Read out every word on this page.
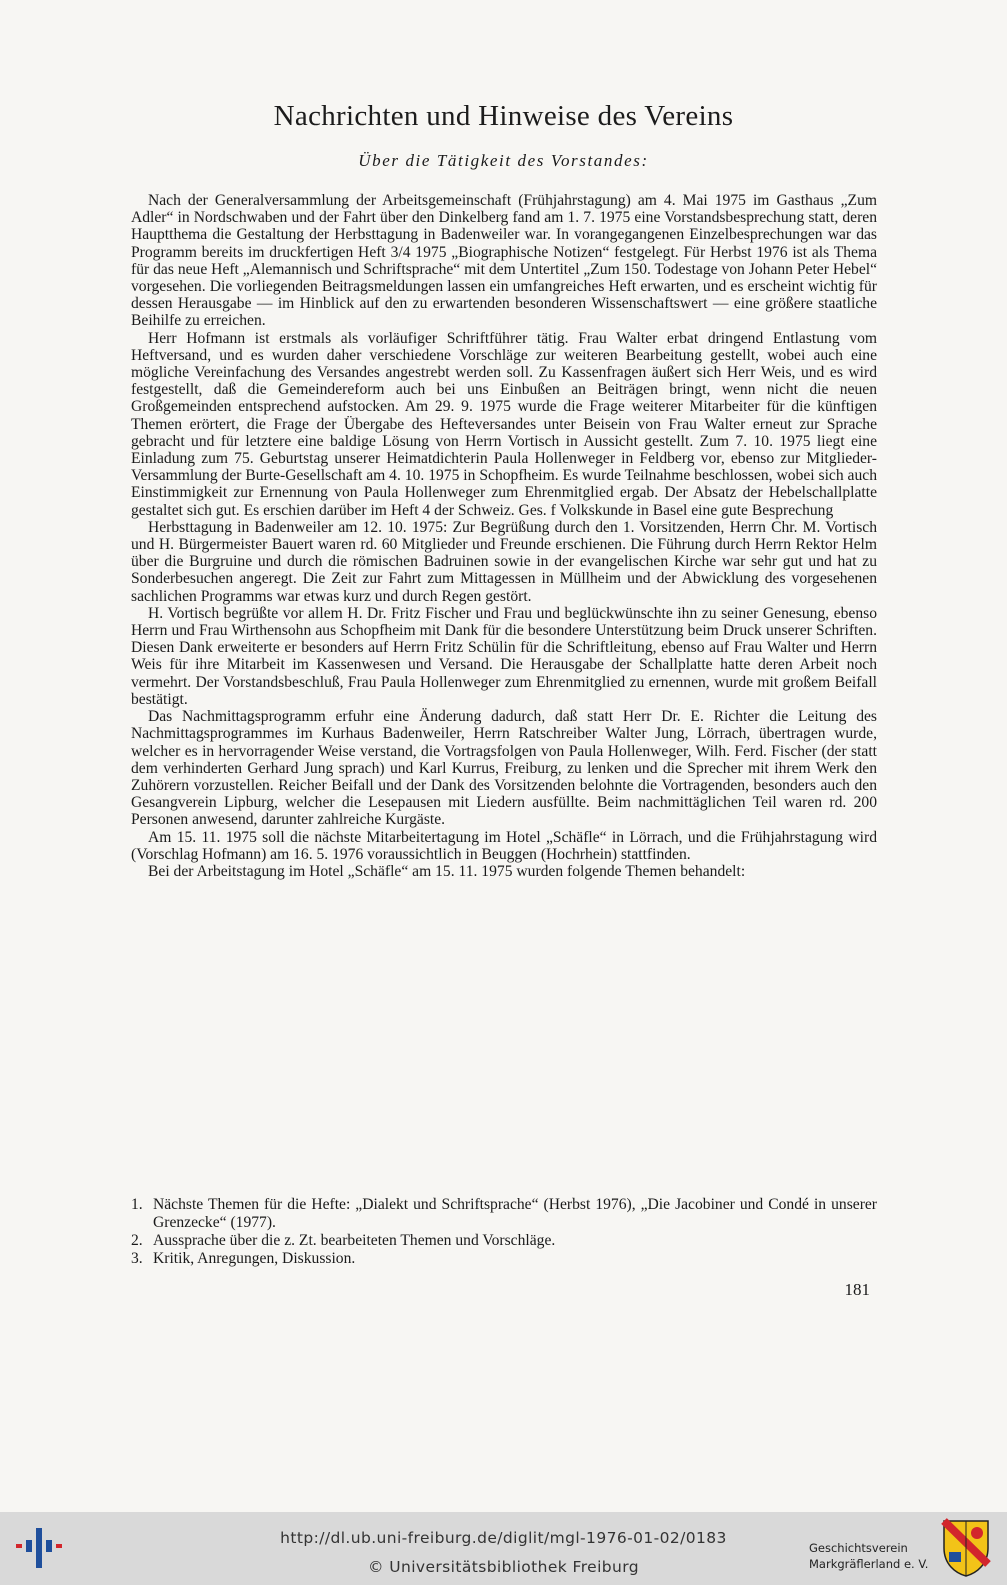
Nachrichten und Hinweise des Vereins
Über die Tätigkeit des Vorstandes:

Nach der Generalversammlung der Arbeitsgemeinschaft (Frühjahrstagung) am 4. Mai 1975 im Gasthaus „Zum Adler“ in Nordschwaben und der Fahrt über den Dinkelberg fand am 1. 7. 1975 eine Vorstandsbesprechung statt, deren Hauptthema die Gestaltung der Herbsttagung in Badenweiler war. In vorangegangenen Einzelbesprechungen war das Programm bereits im druckfertigen Heft 3/4 1975 „Biographische Notizen“ festgelegt. Für Herbst 1976 ist als Thema für das neue Heft „Alemannisch und Schriftsprache“ mit dem Untertitel „Zum 150. Todestage von Johann Peter Hebel“ vorgesehen. Die vorliegenden Beitragsmeldungen lassen ein umfangreiches Heft erwarten, und es erscheint wichtig für dessen Herausgabe — im Hinblick auf den zu erwartenden besonderen Wissenschaftswert — eine größere staatliche Beihilfe zu erreichen.

Herr Hofmann ist erstmals als vorläufiger Schriftführer tätig. Frau Walter erbat dringend Entlastung vom Heftversand, und es wurden daher verschiedene Vorschläge zur weiteren Bearbeitung gestellt, wobei auch eine mögliche Vereinfachung des Versandes angestrebt werden soll. Zu Kassenfragen äußert sich Herr Weis, und es wird festgestellt, daß die Gemeindereform auch bei uns Einbußen an Beiträgen bringt, wenn nicht die neuen Großgemeinden entsprechend aufstocken. Am 29. 9. 1975 wurde die Frage weiterer Mitarbeiter für die künftigen Themen erörtert, die Frage der Übergabe des Hefteversandes unter Beisein von Frau Walter erneut zur Sprache gebracht und für letztere eine baldige Lösung von Herrn Vortisch in Aussicht gestellt. Zum 7. 10. 1975 liegt eine Einladung zum 75. Geburtstag unserer Heimatdichterin Paula Hollenweger in Feldberg vor, ebenso zur Mitglieder-Versammlung der Burte-Gesellschaft am 4. 10. 1975 in Schopfheim. Es wurde Teilnahme beschlossen, wobei sich auch Einstimmigkeit zur Ernennung von Paula Hollenweger zum Ehrenmitglied ergab. Der Absatz der Hebelschallplatte gestaltet sich gut. Es erschien darüber im Heft 4 der Schweiz. Ges. f Volkskunde in Basel eine gute Besprechung

Herbsttagung in Badenweiler am 12. 10. 1975: Zur Begrüßung durch den 1. Vorsitzenden, Herrn Chr. M. Vortisch und H. Bürgermeister Bauert waren rd. 60 Mitglieder und Freunde erschienen. Die Führung durch Herrn Rektor Helm über die Burgruine und durch die römischen Badruinen sowie in der evangelischen Kirche war sehr gut und hat zu Sonderbesuchen angeregt. Die Zeit zur Fahrt zum Mittagessen in Müllheim und der Abwicklung des vorgesehenen sachlichen Programms war etwas kurz und durch Regen gestört.

H. Vortisch begrüßte vor allem H. Dr. Fritz Fischer und Frau und beglückwünschte ihn zu seiner Genesung, ebenso Herrn und Frau Wirthensohn aus Schopfheim mit Dank für die besondere Unterstützung beim Druck unserer Schriften. Diesen Dank erweiterte er besonders auf Herrn Fritz Schülin für die Schriftleitung, ebenso auf Frau Walter und Herrn Weis für ihre Mitarbeit im Kassenwesen und Versand. Die Herausgabe der Schallplatte hatte deren Arbeit noch vermehrt. Der Vorstandsbeschluß, Frau Paula Hollenweger zum Ehrenmitglied zu ernennen, wurde mit großem Beifall bestätigt.

Das Nachmittagsprogramm erfuhr eine Änderung dadurch, daß statt Herr Dr. E. Richter die Leitung des Nachmittagsprogrammes im Kurhaus Badenweiler, Herrn Ratschreiber Walter Jung, Lörrach, übertragen wurde, welcher es in hervorragender Weise verstand, die Vortragsfolgen von Paula Hollenweger, Wilh. Ferd. Fischer (der statt dem verhinderten Gerhard Jung sprach) und Karl Kurrus, Freiburg, zu lenken und die Sprecher mit ihrem Werk den Zuhörern vorzustellen. Reicher Beifall und der Dank des Vorsitzenden belohnte die Vortragenden, besonders auch den Gesangverein Lipburg, welcher die Lesepausen mit Liedern ausfüllte. Beim nachmittäglichen Teil waren rd. 200 Personen anwesend, darunter zahlreiche Kurgäste.

Am 15. 11. 1975 soll die nächste Mitarbeitertagung im Hotel „Schäfle“ in Lörrach, und die Frühjahrstagung wird (Vorschlag Hofmann) am 16. 5. 1976 voraussichtlich in Beuggen (Hochrhein) stattfinden.

Bei der Arbeitstagung im Hotel „Schäfle“ am 15. 11. 1975 wurden folgende Themen behandelt:

1. Nächste Themen für die Hefte: „Dialekt und Schriftsprache“ (Herbst 1976), „Die Jacobiner und Condé in unserer Grenzecke“ (1977).
2. Aussprache über die z. Zt. bearbeiteten Themen und Vorschläge.
3. Kritik, Anregungen, Diskussion.
181
http://dl.ub.uni-freiburg.de/diglit/mgl-1976-01-02/0183
© Universitätsbibliothek Freiburg
Geschichtsverein
Markgräflerland e. V.
